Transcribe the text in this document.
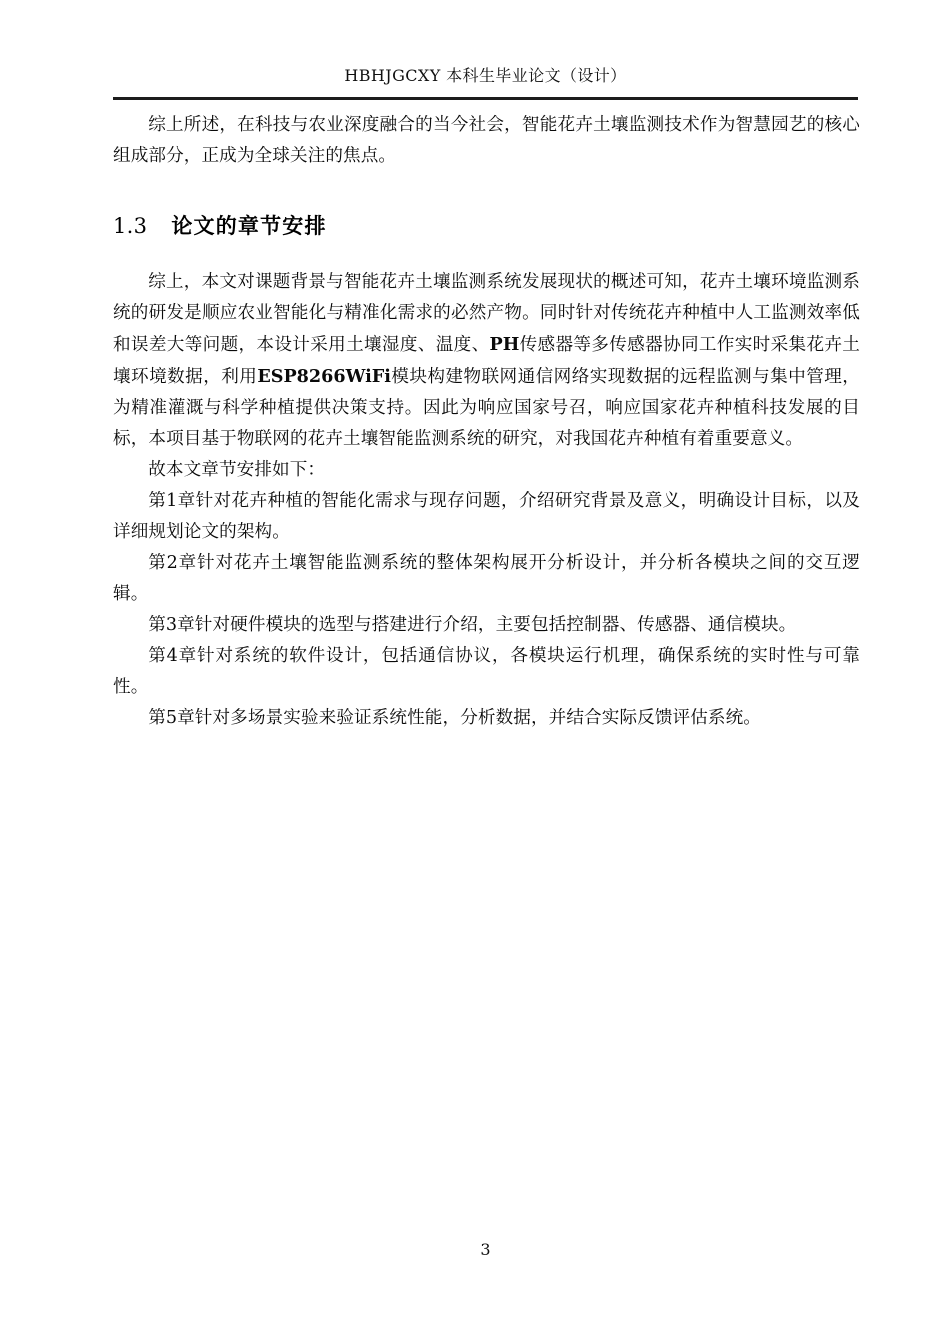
HBHJGCXY 本科生毕业论文（设计）

综上所述，在科技与农业深度融合的当今社会，智能花卉土壤监测技术作为智慧园艺的核心组成部分，正成为全球关注的焦点。

1.3 论文的章节安排

综上，本文对课题背景与智能花卉土壤监测系统发展现状的概述可知，花卉土壤环境监测系统的研发是顺应农业智能化与精准化需求的必然产物。同时针对传统花卉种植中人工监测效率低和误差大等问题，本设计采用土壤湿度、温度、PH传感器等多传感器协同工作实时采集花卉土壤环境数据，利用ESP8266WiFi模块构建物联网通信网络实现数据的远程监测与集中管理，为精准灌溉与科学种植提供决策支持。因此为响应国家号召，响应国家花卉种植科技发展的目标，本项目基于物联网的花卉土壤智能监测系统的研究，对我国花卉种植有着重要意义。

故本文章节安排如下：

第1章针对花卉种植的智能化需求与现存问题，介绍研究背景及意义，明确设计目标，以及详细规划论文的架构。

第2章针对花卉土壤智能监测系统的整体架构展开分析设计，并分析各模块之间的交互逻辑。

第3章针对硬件模块的选型与搭建进行介绍，主要包括控制器、传感器、通信模块。

第4章针对系统的软件设计，包括通信协议，各模块运行机理，确保系统的实时性与可靠性。

第5章针对多场景实验来验证系统性能，分析数据，并结合实际反馈评估系统。

3
